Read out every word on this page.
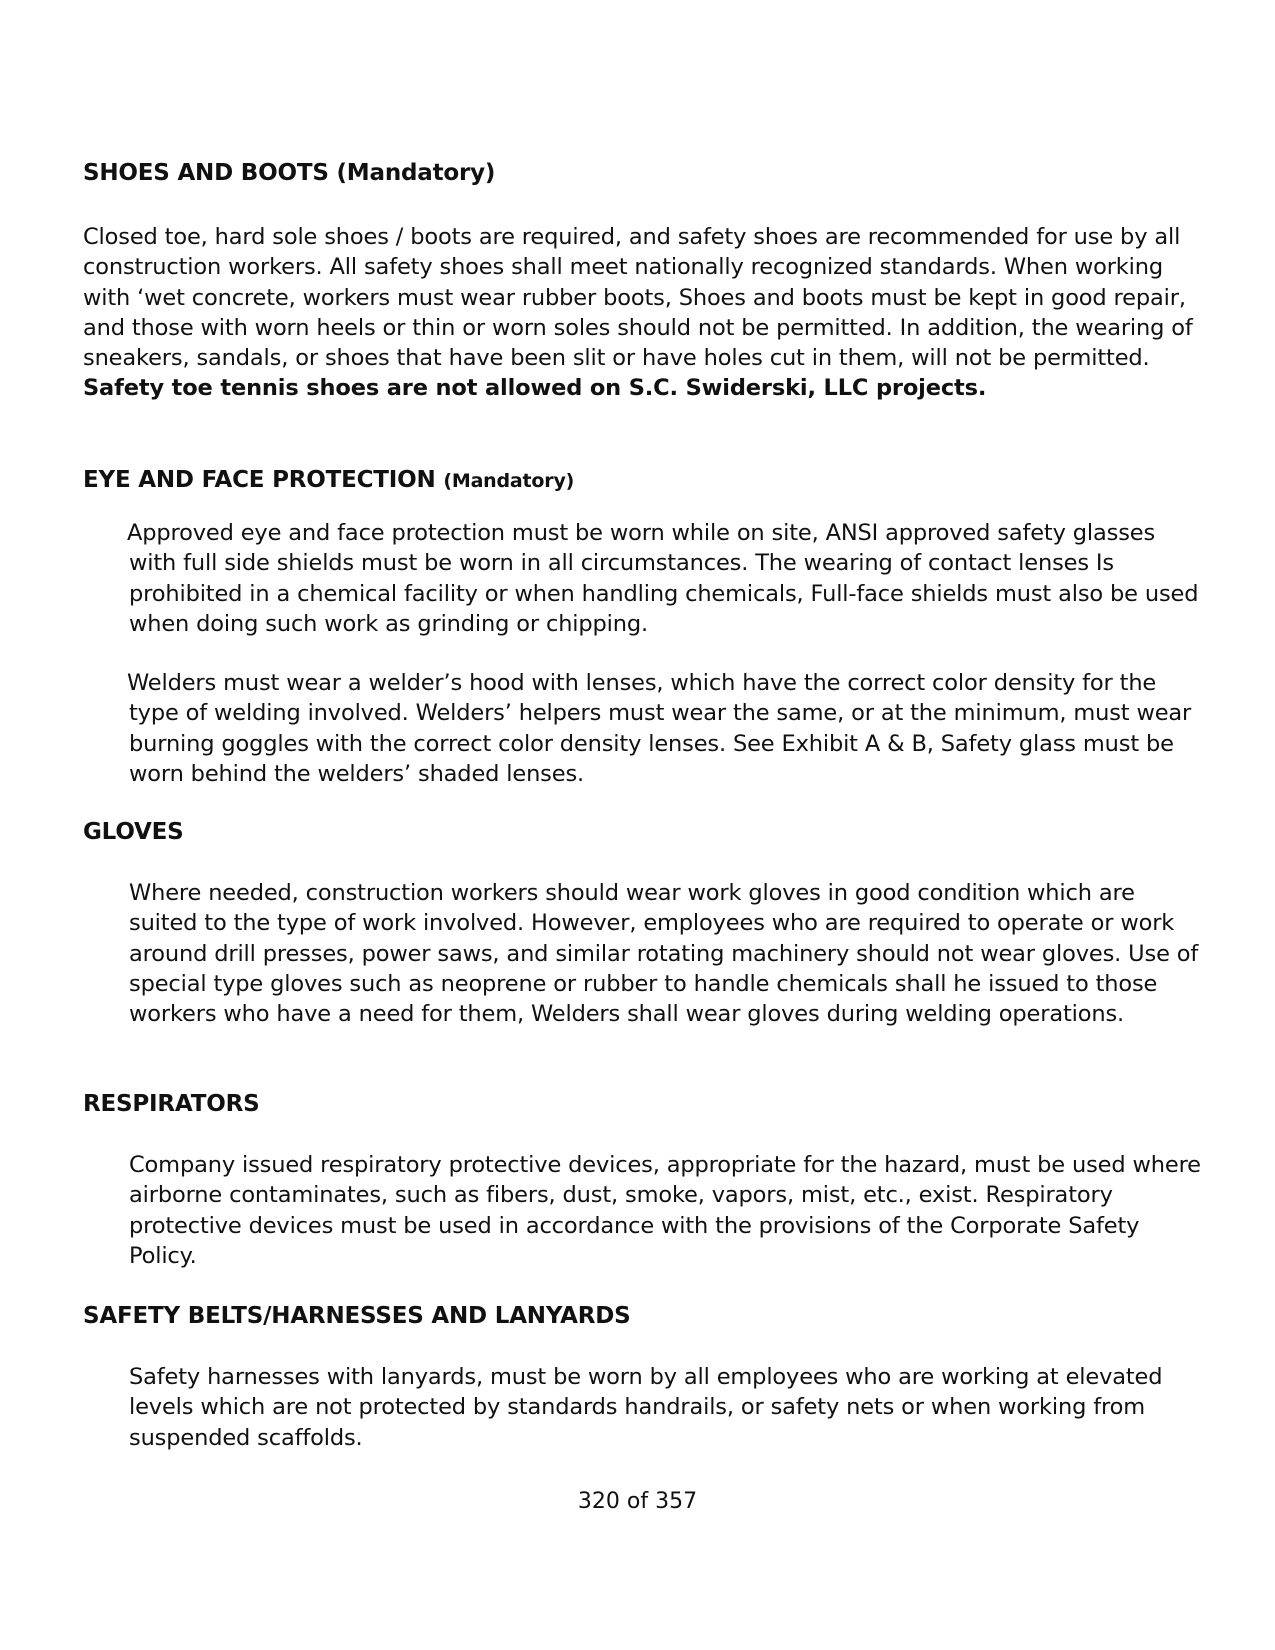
SHOES AND BOOTS (Mandatory)

Closed toe, hard sole shoes / boots are required, and safety shoes are recommended for use by all construction workers. All safety shoes shall meet nationally recognized standards. When working with ‘wet concrete, workers must wear rubber boots, Shoes and boots must be kept in good repair, and those with worn heels or thin or worn soles should not be permitted. In addition, the wearing of sneakers, sandals, or shoes that have been slit or have holes cut in them, will not be permitted. Safety toe tennis shoes are not allowed on S.C. Swiderski, LLC projects.

EYE AND FACE PROTECTION (Mandatory)

Approved eye and face protection must be worn while on site, ANSI approved safety glasses with full side shields must be worn in all circumstances. The wearing of contact lenses Is prohibited in a chemical facility or when handling chemicals, Full-face shields must also be used when doing such work as grinding or chipping.

Welders must wear a welder’s hood with lenses, which have the correct color density for the type of welding involved. Welders’ helpers must wear the same, or at the minimum, must wear burning goggles with the correct color density lenses. See Exhibit A & B, Safety glass must be worn behind the welders’ shaded lenses.

GLOVES

Where needed, construction workers should wear work gloves in good condition which are suited to the type of work involved. However, employees who are required to operate or work around drill presses, power saws, and similar rotating machinery should not wear gloves. Use of special type gloves such as neoprene or rubber to handle chemicals shall he issued to those workers who have a need for them, Welders shall wear gloves during welding operations.

RESPIRATORS

Company issued respiratory protective devices, appropriate for the hazard, must be used where airborne contaminates, such as fibers, dust, smoke, vapors, mist, etc., exist. Respiratory protective devices must be used in accordance with the provisions of the Corporate Safety Policy.

SAFETY BELTS/HARNESSES AND LANYARDS

Safety harnesses with lanyards, must be worn by all employees who are working at elevated levels which are not protected by standards handrails, or safety nets or when working from suspended scaffolds.

320 of 357
